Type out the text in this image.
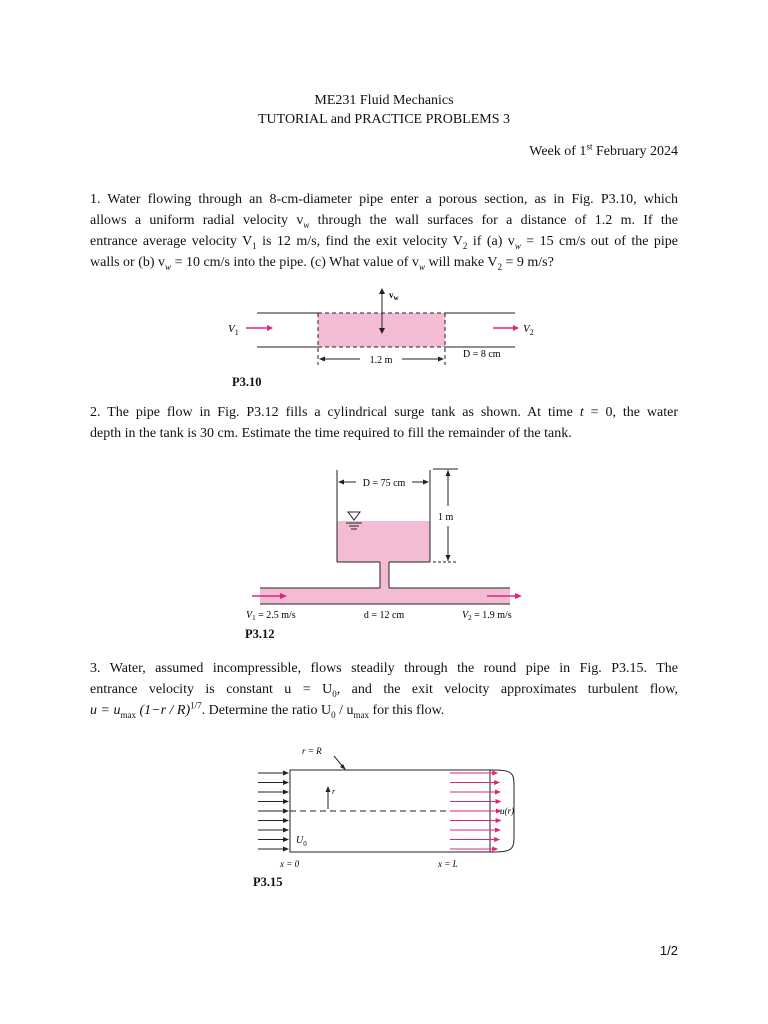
ME231 Fluid Mechanics
TUTORIAL and PRACTICE PROBLEMS 3
Week of 1st February 2024
1. Water flowing through an 8-cm-diameter pipe enter a porous section, as in Fig. P3.10, which
allows a uniform radial velocity $v_w$ through the wall surfaces for a distance of 1.2 m. If the
entrance average velocity $V_1$ is 12 m/s, find the exit velocity $V_2$ if (a) $v_w = 15$ cm/s out of the pipe
walls or (b) $v_w = 10$ cm/s into the pipe. (c) What value of $v_w$ will make $V_2 = 9$ m/s?
$v_w$
$V_1$	$V_2$
1.2 m
D = 8 cm
P3.10
2. The pipe flow in Fig. P3.12 fills a cylindrical surge tank as shown. At time t = 0, the water
depth in the tank is 30 cm. Estimate the time required to fill the remainder of the tank.
D = 75 cm
1 m
$V_1 = 2.5$ m/s	d = 12 cm	$V_2 = 1.9$ m/s
P3.12
3. Water, assumed incompressible, flows steadily through the round pipe in Fig. P3.15. The
entrance velocity is constant $u = U_0$, and the exit velocity approximates turbulent flow,
$u = u_{max}$ $(1-r / R)^{1/7}$. Determine the ratio $U_0 / u_{max}$ for this flow.
r
r = R
$U_0$
u(r)
x = 0	x = L
P3.15
1/2
